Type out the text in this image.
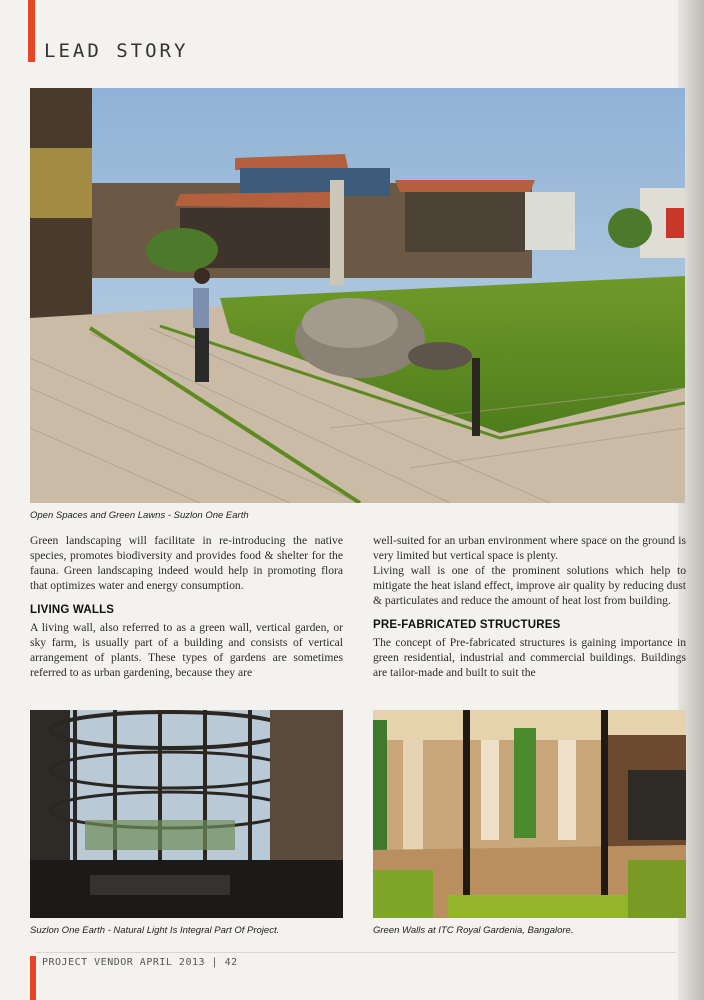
LEAD STORY
Open Spaces and Green Lawns - Suzlon One Earth

Green landscaping will facilitate in re-introducing the native species, promotes biodiversity and provides food & shelter for the fauna. Green landscaping indeed would help in promoting flora that optimizes water and energy consumption.

LIVING WALLS

A living wall, also referred to as a green wall, vertical garden, or sky farm, is usually part of a building and consists of vertical arrangement of plants. These types of gardens are sometimes referred to as urban gardening, because they are

well-suited for an urban environment where space on the ground is very limited but vertical space is plenty.

Living wall is one of the prominent solutions which help to mitigate the heat island effect, improve air quality by reducing dust & particulates and reduce the amount of heat lost from building.

PRE-FABRICATED STRUCTURES

The concept of Pre-fabricated structures is gaining importance in green residential, industrial and commercial buildings. Buildings are tailor-made and built to suit the

Suzlon One Earth - Natural Light Is Integral Part Of Project.	Green Walls at ITC Royal Gardenia, Bangalore.
PROJECT VENDOR APRIL 2013 | 42
